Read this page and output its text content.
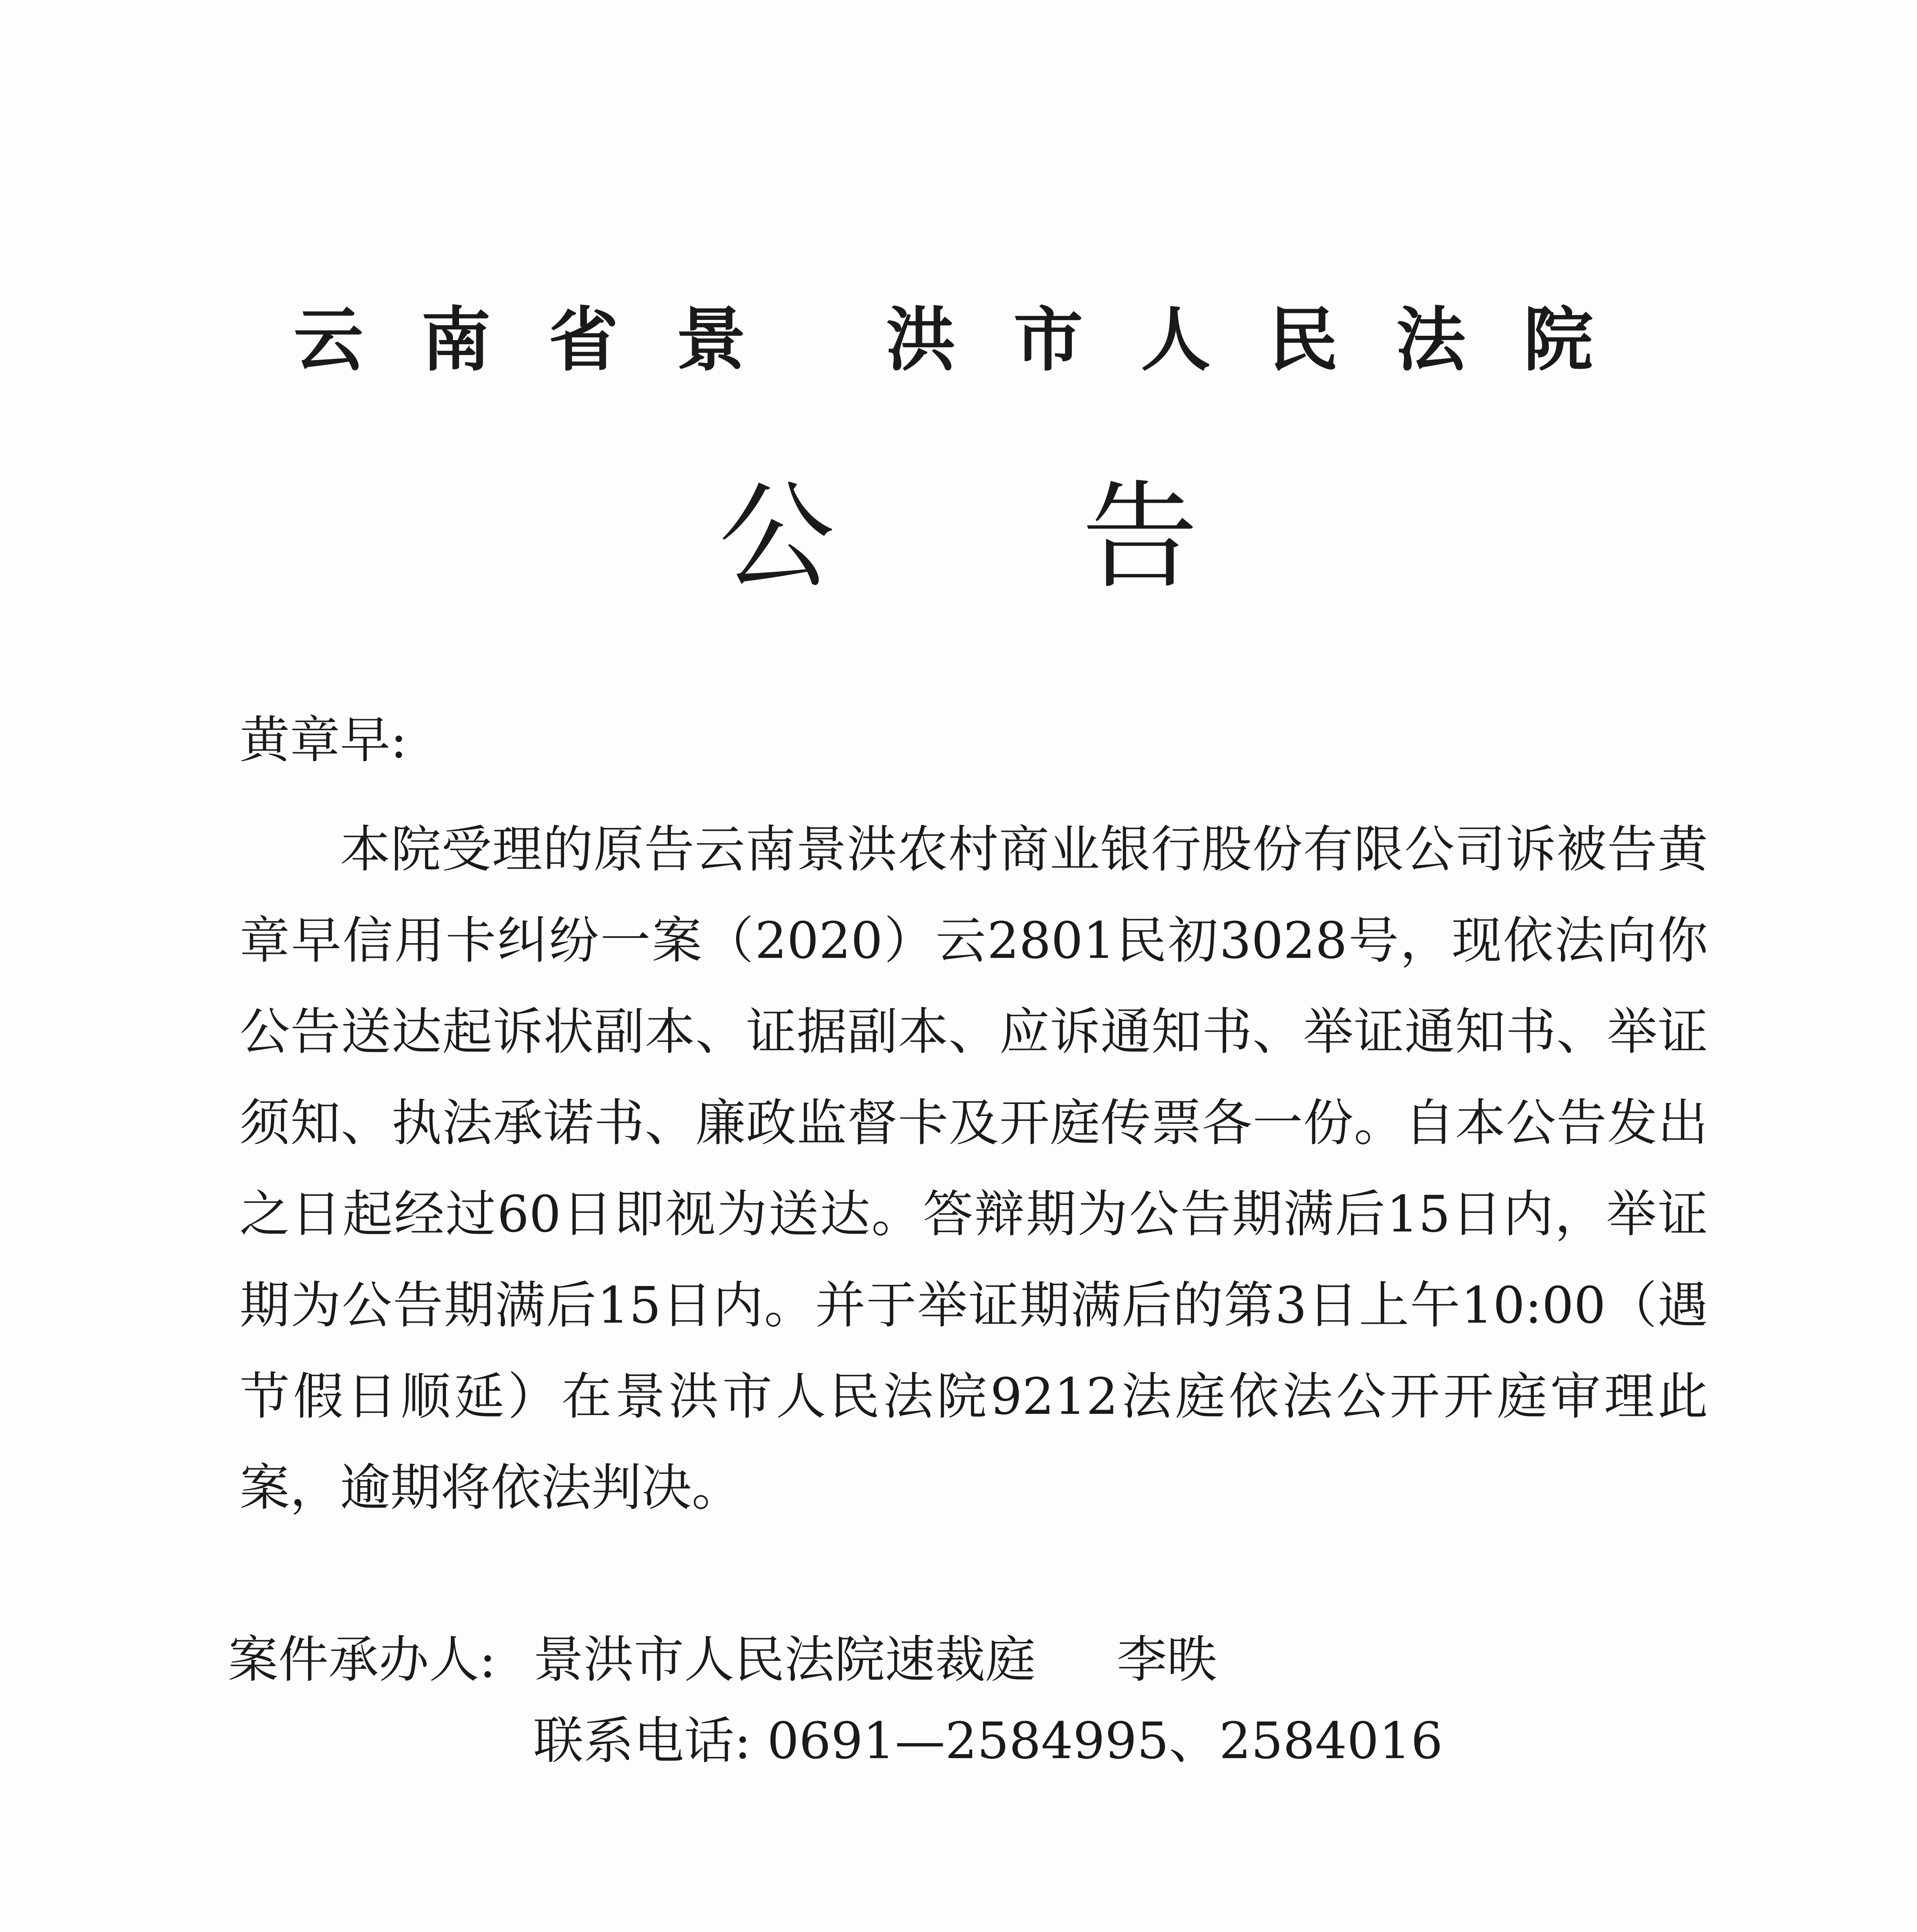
云南省景 洪市人民法院
公告
黄章早:
本院受理的原告云南景洪农村商业银行股份有限公司诉被告黄章早信用卡纠纷一案（2020）云2801民初3028号，现依法向你公告送达起诉状副本、证据副本、应诉通知书、举证通知书、举证须知、执法承诺书、廉政监督卡及开庭传票各一份。自本公告发出之日起经过60日即视为送达。答辩期为公告期满后15日内，举证期为公告期满后15日内。并于举证期满后的第3日上午10:00（遇节假日顺延）在景洪市人民法院9212法庭依法公开开庭审理此案，逾期将依法判决。
案件承办人: 景洪市人民法院速裁庭 李昳
联系电话: 0691—2584995、2584016
